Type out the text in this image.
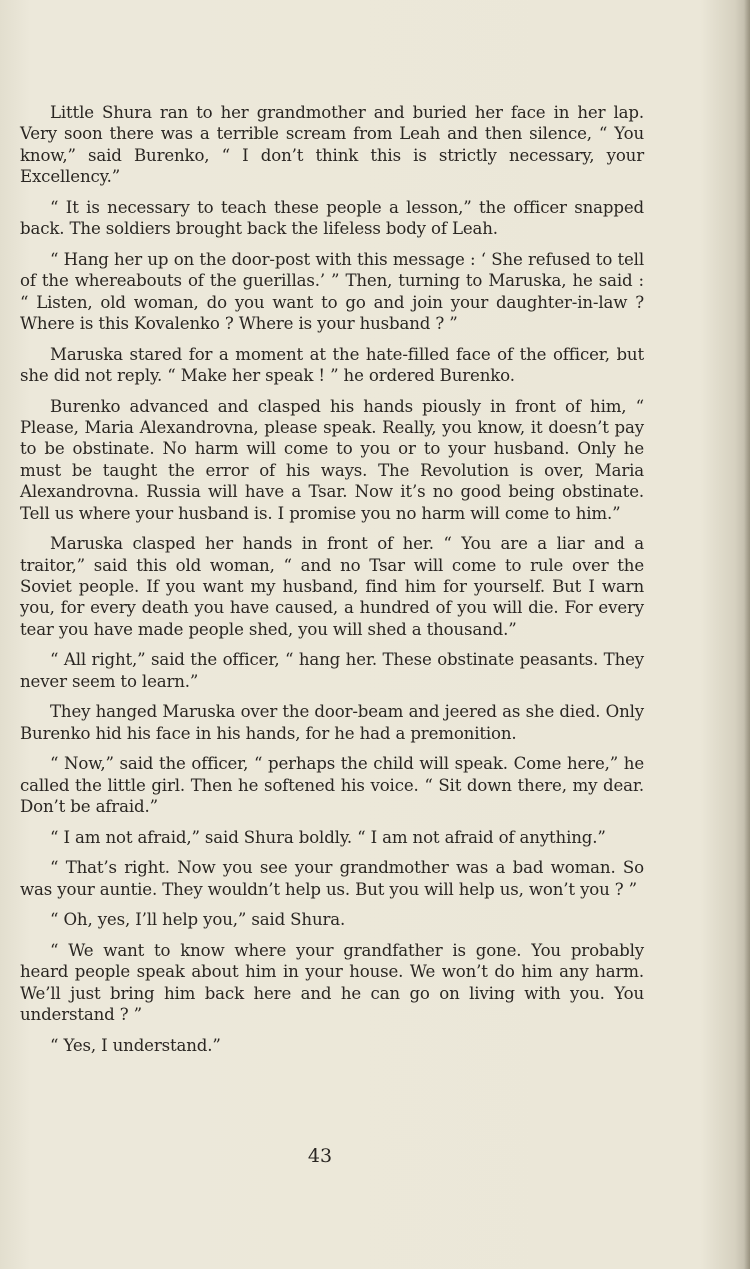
Little Shura ran to her grandmother and buried her face in her lap. Very soon there was a terrible scream from Leah and then silence, “ You know,” said Burenko, “ I don’t think this is strictly necessary, your Excellency.”

“ It is necessary to teach these people a lesson,” the officer snapped back. The soldiers brought back the lifeless body of Leah.

“ Hang her up on the door-post with this message : ‘ She refused to tell of the whereabouts of the guerillas.’ ” Then, turning to Maruska, he said : “ Listen, old woman, do you want to go and join your daughter-in-law ? Where is this Kovalenko ? Where is your husband ? ”

Maruska stared for a moment at the hate-filled face of the officer, but she did not reply. “ Make her speak ! ” he ordered Burenko.

Burenko advanced and clasped his hands piously in front of him, “ Please, Maria Alexandrovna, please speak. Really, you know, it doesn’t pay to be obstinate. No harm will come to you or to your husband. Only he must be taught the error of his ways. The Revolution is over, Maria Alexandrovna. Russia will have a Tsar. Now it’s no good being obstinate. Tell us where your husband is. I promise you no harm will come to him.”

Maruska clasped her hands in front of her. “ You are a liar and a traitor,” said this old woman, “ and no Tsar will come to rule over the Soviet people. If you want my husband, find him for yourself. But I warn you, for every death you have caused, a hundred of you will die. For every tear you have made people shed, you will shed a thousand.”

“ All right,” said the officer, “ hang her. These obstinate peasants. They never seem to learn.”

They hanged Maruska over the door-beam and jeered as she died. Only Burenko hid his face in his hands, for he had a premonition.

“ Now,” said the officer, “ perhaps the child will speak. Come here,” he called the little girl. Then he softened his voice. “ Sit down there, my dear. Don’t be afraid.”

“ I am not afraid,” said Shura boldly. “ I am not afraid of anything.”

“ That’s right. Now you see your grandmother was a bad woman. So was your auntie. They wouldn’t help us. But you will help us, won’t you ? ”

“ Oh, yes, I’ll help you,” said Shura.

“ We want to know where your grandfather is gone. You probably heard people speak about him in your house. We won’t do him any harm. We’ll just bring him back here and he can go on living with you. You understand ? ”

“ Yes, I understand.”

43
